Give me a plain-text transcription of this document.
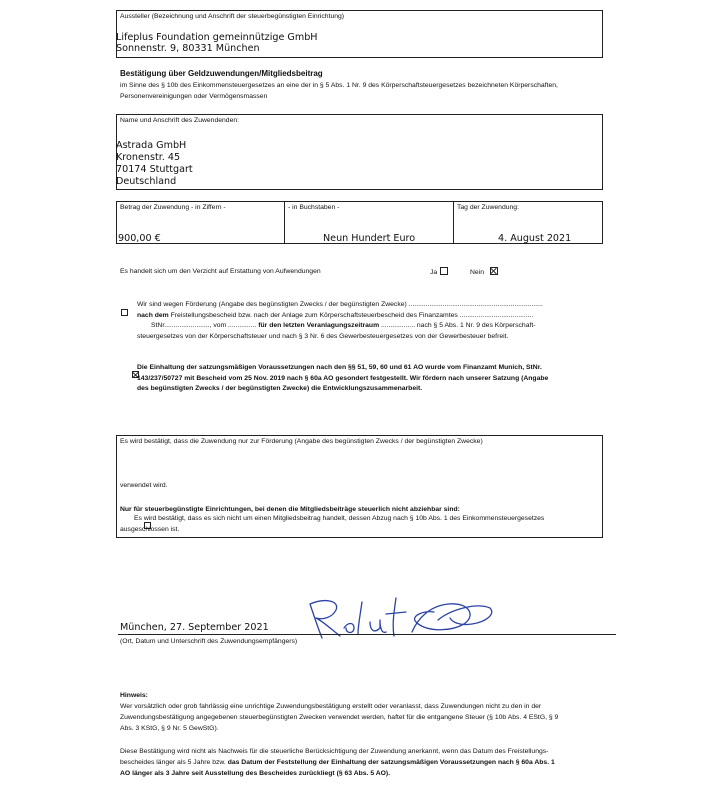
Aussteller (Bezeichnung und Anschrift der steuerbegünstigten Einrichtung)
Lifeplus Foundation gemeinnützige GmbH
Sonnenstr. 9, 80331 München
Bestätigung über Geldzuwendungen/Mitgliedsbeitrag
im Sinne des § 10b des Einkommensteuergesetzes an eine der in § 5 Abs. 1 Nr. 9 des Körperschaftsteuergesetzes bezeichneten Körperschaften,
Personenvereinigungen oder Vermögensmassen
Name und Anschrift des Zuwendenden:
Astrada GmbH
Kronenstr. 45
70174 Stuttgart
Deutschland
Betrag der Zuwendung - in Ziffern -
900,00 €
- in Buchstaben -
Neun Hundert Euro
Tag der Zuwendung:
4. August 2021
Es handelt sich um den Verzicht auf Erstattung von Aufwendungen	Ja	Nein

Wir sind wegen Förderung (Angabe des begünstigten Zwecks / der begünstigten Zwecke) .......................................................................
nach dem Freistellungsbescheid bzw. nach der Anlage zum Körperschaftsteuerbescheid des Finanzamtes .......................................
StNr........................, vom ............... für den letzten Veranlagungszeitraum .................. nach § 5 Abs. 1 Nr. 9 des Körperschaft-
steuergesetzes von der Körperschaftsteuer und nach § 3 Nr. 6 des Gewerbesteuergesetzes von der Gewerbesteuer befreit.

Die Einhaltung der satzungsmäßigen Voraussetzungen nach den §§ 51, 59, 60 und 61 AO wurde vom Finanzamt Munich, StNr.
143/237/50727 mit Bescheid vom 25 Nov. 2019 nach § 60a AO gesondert festgestellt. Wir fördern nach unserer Satzung (Angabe
des begünstigten Zwecks / der begünstigten Zwecke) die Entwicklungszusammenarbeit.
Es wird bestätigt, dass die Zuwendung nur zur Förderung (Angabe des begünstigten Zwecks / der begünstigten Zwecke)
verwendet wird.
Nur für steuerbegünstigte Einrichtungen, bei denen die Mitgliedsbeiträge steuerlich nicht abziehbar sind:
Es wird bestätigt, dass es sich nicht um einen Mitgliedsbeitrag handelt, dessen Abzug nach § 10b Abs. 1 des Einkommensteuergesetzes
ausgeschlossen ist.
München, 27. September 2021
(Ort, Datum und Unterschrift des Zuwendungsempfängers)
Hinweis:
Wer vorsätzlich oder grob fahrlässig eine unrichtige Zuwendungsbestätigung erstellt oder veranlasst, dass Zuwendungen nicht zu den in der
Zuwendungsbestätigung angegebenen steuerbegünstigten Zwecken verwendet werden, haftet für die entgangene Steuer (§ 10b Abs. 4 EStG, § 9
Abs. 3 KStG, § 9 Nr. 5 GewStG).
Diese Bestätigung wird nicht als Nachweis für die steuerliche Berücksichtigung der Zuwendung anerkannt, wenn das Datum des Freistellungs-
bescheides länger als 5 Jahre bzw. das Datum der Feststellung der Einhaltung der satzungsmäßigen Voraussetzungen nach § 60a Abs. 1
AO länger als 3 Jahre seit Ausstellung des Bescheides zurückliegt (§ 63 Abs. 5 AO).
